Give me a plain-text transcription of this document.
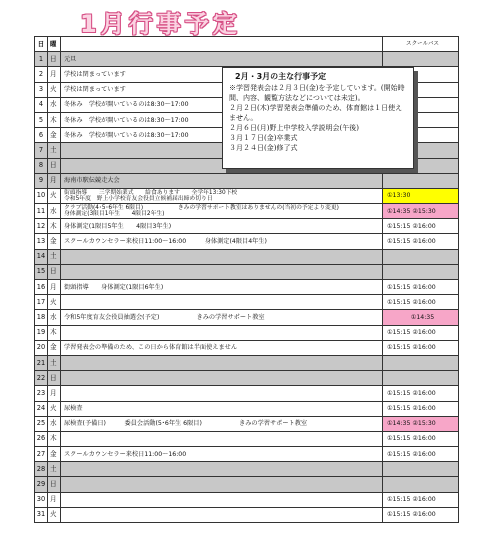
1月行事予定
日	曜		スクールバス
1	日	元旦	
2	月	学校は閉まっています	
3	火	学校は閉まっています	
4	水	冬休み　学校が開いているのは8:30～17:00	
5	木	冬休み　学校が開いているのは8:30～17:00	
6	金	冬休み　学校が開いているのは8:30～17:00	
7	土		
8	日		
9	月	海南市駅伝競走大会	
10	火	街頭指導　　三学期始業式　　給食あります　　全学年13:30下校
令和5年度　野上小学校育友会役員立候補届出締め切り日	①13:30
11	水	クラブ活動(4･5･6年生 6限目)　　　　　　きみの学習サポート教室はありませんの(当初の予定より変更)
身体測定(3限目1年生　　4限目2年生)	①14:35 ②15:30
12	木	身体測定(1限目5年生　　4限目3年生)	①15:15 ②16:00
13	金	スクールカウンセラー来校日11:00～16:00　　　身体測定(4限目4年生)	①15:15 ②16:00
14	土		
15	日		
16	月	街頭指導　　身体測定(1限目6年生)	①15:15 ②16:00
17	火		①15:15 ②16:00
18	水	令和5年度育友会役員抽選会(予定)　　　　　　きみの学習サポート教室	①14:35
19	木		①15:15 ②16:00
20	金	学習発表会の準備のため、この日から体育館は半面使えません	①15:15 ②16:00
21	土		
22	日		
23	月		①15:15 ②16:00
24	火	尿検査	①15:15 ②16:00
25	水	尿検査(予備日)　　　委員会活動(5･6年生 6限目)　　　　　　きみの学習サポート教室	①14:35 ②15:30
26	木		①15:15 ②16:00
27	金	スクールカウンセラー来校日11:00～16:00	①15:15 ②16:00
28	土		
29	日		
30	月		①15:15 ②16:00
31	火		①15:15 ②16:00
2月・3月の主な行事予定
※学習発表会は２月３日(金)を予定しています。(開始時間、内容、観覧方法などについては未定)。
２月２日(木)学習発表会準備のため、体育館は１日使えません。
２月６日(月)野上中学校入学説明会(午後)
３月１７日(金)卒業式
３月２４日(金)修了式
